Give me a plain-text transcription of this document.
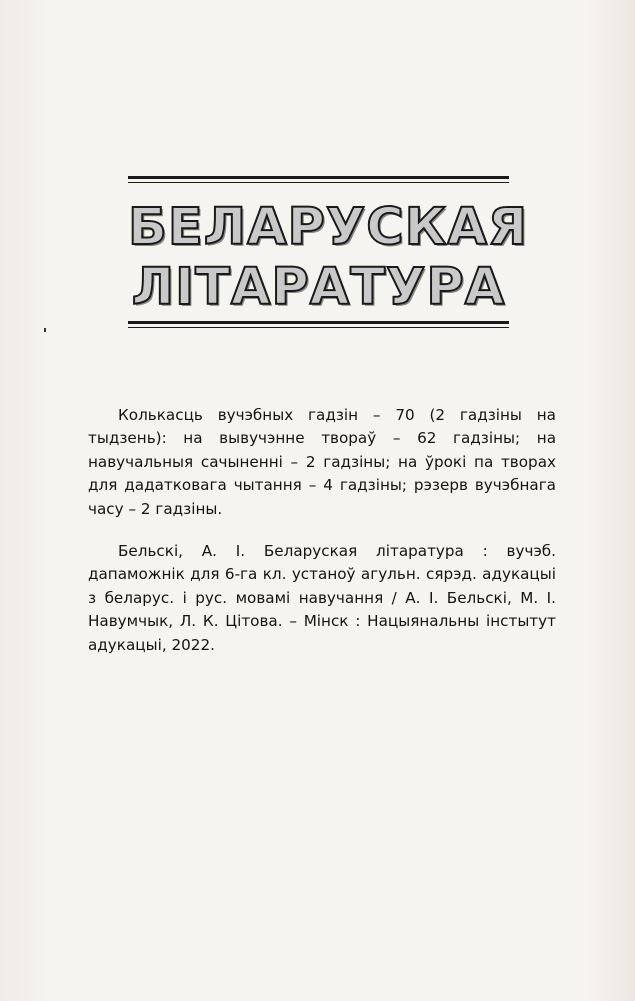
БЕЛАРУСКАЯ
ЛІТАРАТУРА
Колькасць вучэбных гадзін – 70 (2 гадзіны на тыдзень): на вывучэнне твораў – 62 гадзіны; на навучальныя сачыненні – 2 гадзіны; на ўрокі па творах для дадатковага чытання – 4 гадзіны; рэзерв вучэбнага часу – 2 гадзіны.
Бельскі, А. І. Беларуская літаратура : вучэб. дапаможнік для 6-га кл. устаноў агульн. сярэд. адукацыі з беларус. і рус. мовамі навучання / А. І. Бельскі, М. І. Навумчык, Л. К. Цітова. – Мінск : Нацыянальны інстытут адукацыі, 2022.
